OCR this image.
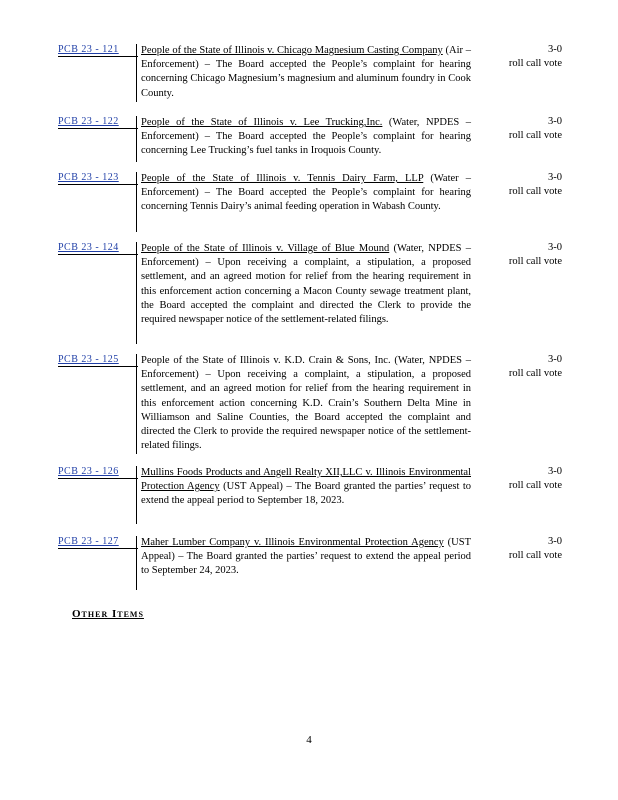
PCB 23 - 121	People of the State of Illinois v. Chicago Magnesium Casting Company (Air – Enforcement) – The Board accepted the People’s complaint for hearing concerning Chicago Magnesium’s magnesium and aluminum foundry in Cook County.
3-0
roll call vote
PCB 23 - 122	People of the State of Illinois v. Lee Trucking,Inc. (Water, NPDES – Enforcement) – The Board accepted the People’s complaint for hearing concerning Lee Trucking’s fuel tanks in Iroquois County.
3-0
roll call vote
PCB 23 - 123	People of the State of Illinois v. Tennis Dairy Farm, LLP (Water – Enforcement) – The Board accepted the People’s complaint for hearing concerning Tennis Dairy’s animal feeding operation in Wabash County.
3-0
roll call vote
PCB 23 - 124	People of the State of Illinois v. Village of Blue Mound (Water, NPDES – Enforcement) – Upon receiving a complaint, a stipulation, a proposed settlement, and an agreed motion for relief from the hearing requirement in this enforcement action concerning a Macon County sewage treatment plant, the Board accepted the complaint and directed the Clerk to provide the required newspaper notice of the settlement-related filings.
3-0
roll call vote
PCB 23 - 125	People of the State of Illinois v. K.D. Crain & Sons, Inc. (Water, NPDES – Enforcement) – Upon receiving a complaint, a stipulation, a proposed settlement, and an agreed motion for relief from the hearing requirement in this enforcement action concerning K.D. Crain’s Southern Delta Mine in Williamson and Saline Counties, the Board accepted the complaint and directed the Clerk to provide the required newspaper notice of the settlement-related filings.
3-0
roll call vote
PCB 23 - 126	Mullins Foods Products and Angell Realty XII,LLC v. Illinois Environmental Protection Agency (UST Appeal) – The Board granted the parties’ request to extend the appeal period to September 18, 2023.
3-0
roll call vote
PCB 23 - 127	Maher Lumber Company v. Illinois Environmental Protection Agency (UST Appeal) – The Board granted the parties’ request to extend the appeal period to September 24, 2023.
3-0
roll call vote
Other Items
4
